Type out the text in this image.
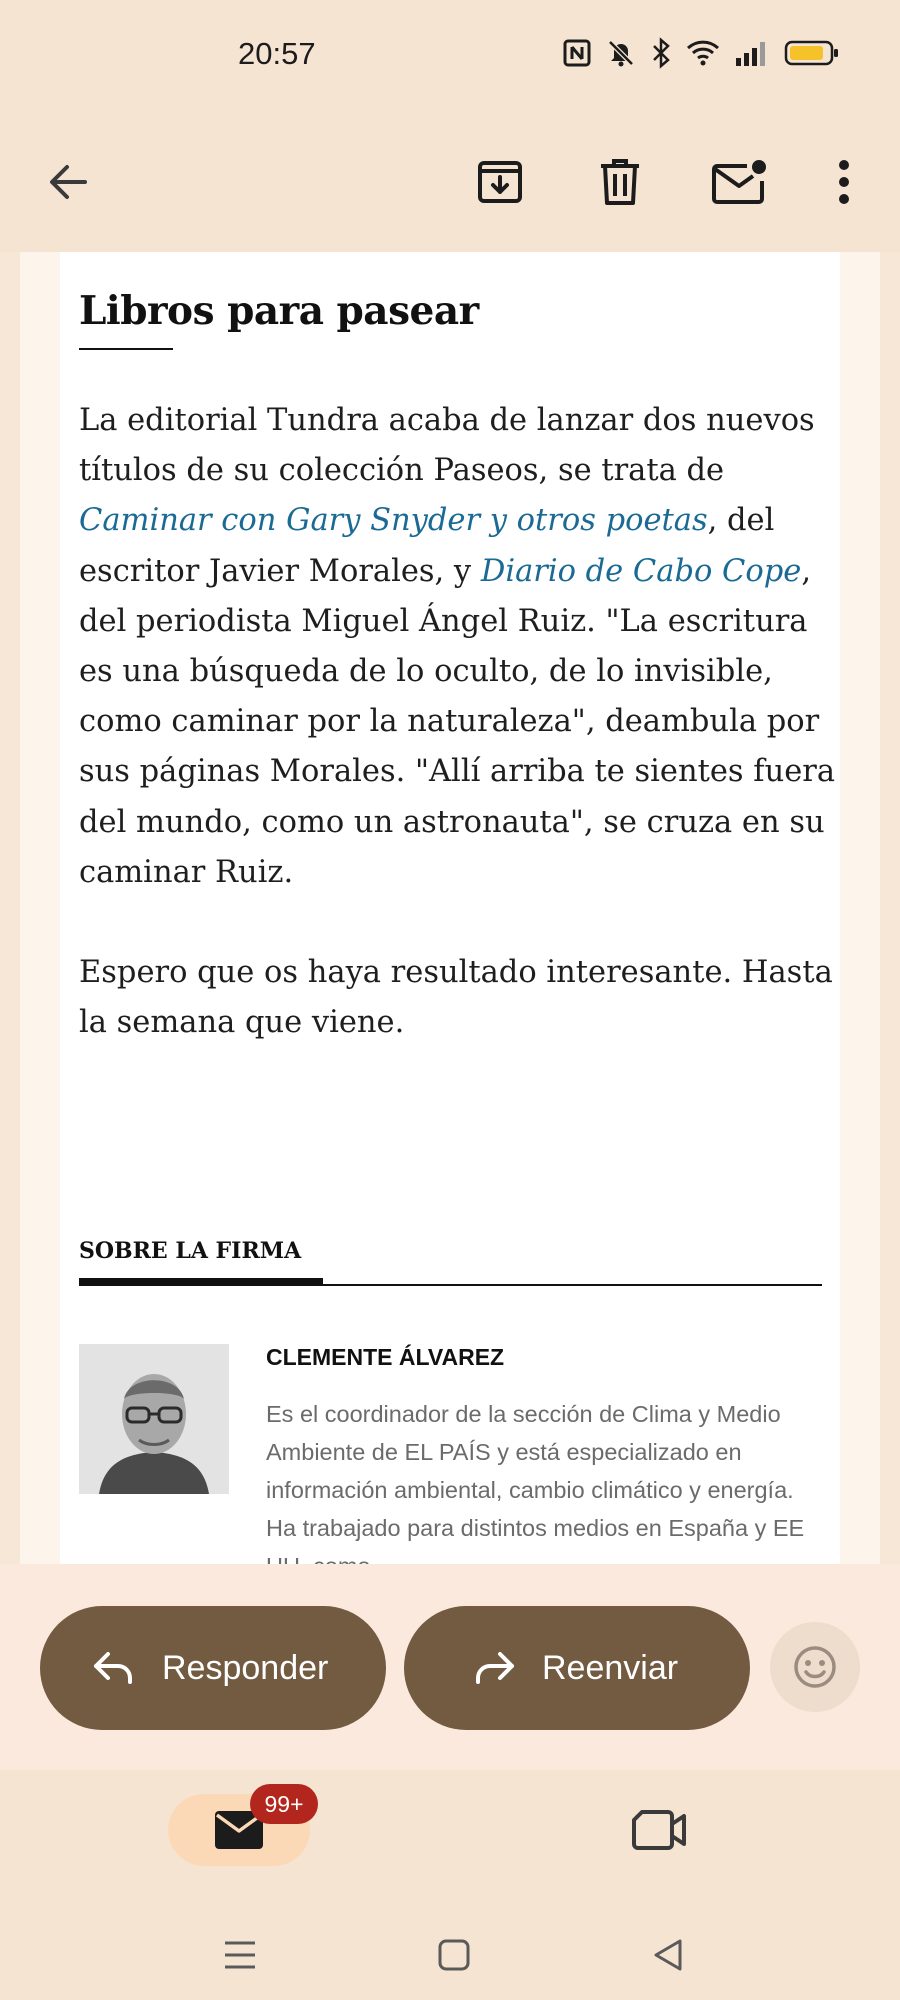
20:57
Libros para pasear

La editorial Tundra acaba de lanzar dos nuevos títulos de su colección Paseos, se trata de Caminar con Gary Snyder y otros poetas, del escritor Javier Morales, y Diario de Cabo Cope, del periodista Miguel Ángel Ruiz. "La escritura es una búsqueda de lo oculto, de lo invisible, como caminar por la naturaleza", deambula por sus páginas Morales. "Allí arriba te sientes fuera del mundo, como un astronauta", se cruza en su caminar Ruiz.

Espero que os haya resultado interesante. Hasta la semana que viene.

SOBRE LA FIRMA
CLEMENTE ÁLVAREZ
Es el coordinador de la sección de Clima y Medio Ambiente de EL PAÍS y está especializado en información ambiental, cambio climático y energía. Ha trabajado para distintos medios en España y EE
Responder	Reenviar
99+
